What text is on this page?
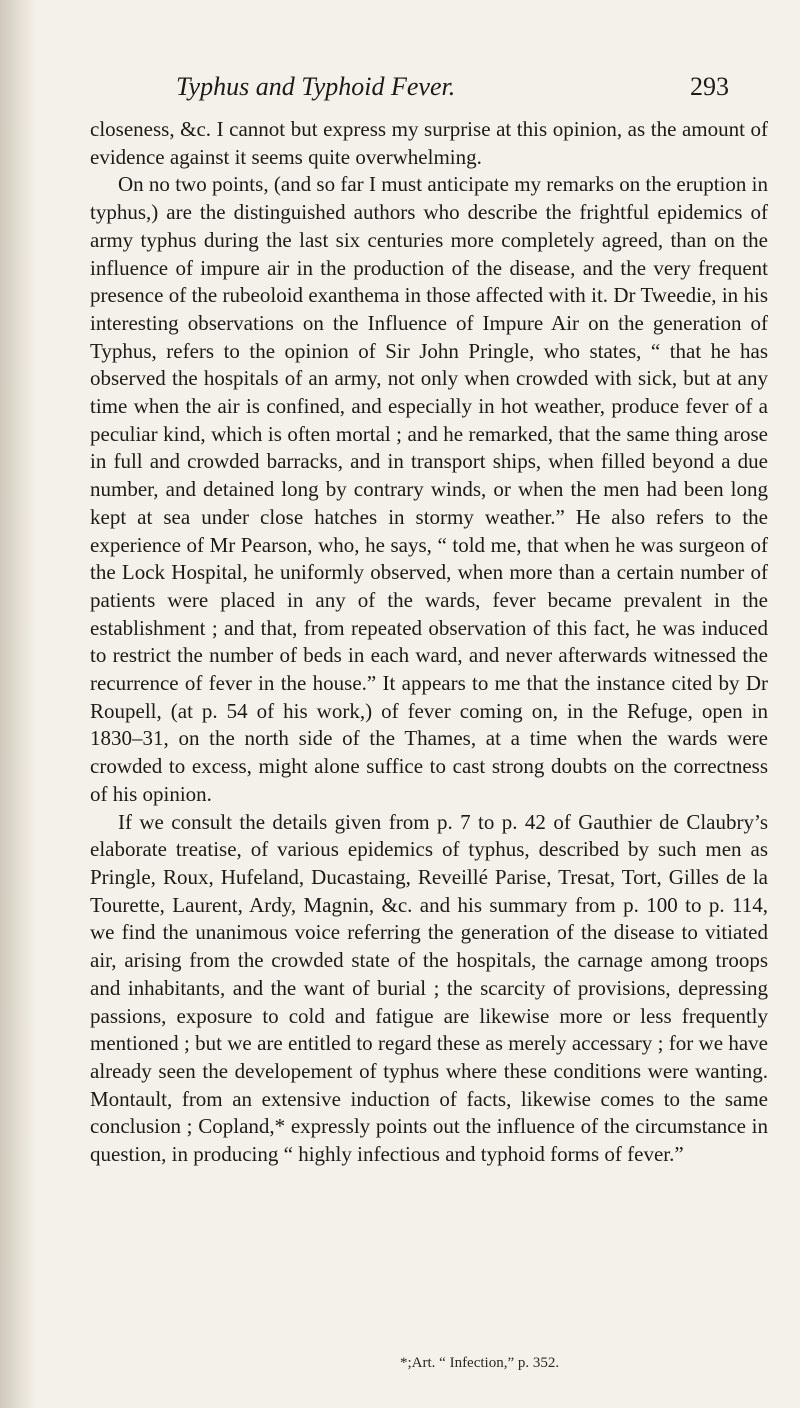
Typhus and Typhoid Fever.	293

closeness, &c. I cannot but express my surprise at this opinion, as the amount of evidence against it seems quite overwhelming.

On no two points, (and so far I must anticipate my remarks on the eruption in typhus,) are the distinguished authors who describe the frightful epidemics of army typhus during the last six centuries more completely agreed, than on the influence of impure air in the production of the disease, and the very frequent presence of the rubeoloid exanthema in those affected with it. Dr Tweedie, in his interesting observations on the Influence of Impure Air on the generation of Typhus, refers to the opinion of Sir John Pringle, who states, “ that he has observed the hospitals of an army, not only when crowded with sick, but at any time when the air is confined, and especially in hot weather, produce fever of a peculiar kind, which is often mortal ; and he remarked, that the same thing arose in full and crowded barracks, and in transport ships, when filled beyond a due number, and detained long by contrary winds, or when the men had been long kept at sea under close hatches in stormy weather.” He also refers to the experience of Mr Pearson, who, he says, “ told me, that when he was surgeon of the Lock Hospital, he uniformly observed, when more than a certain number of patients were placed in any of the wards, fever became prevalent in the establishment ; and that, from repeated observation of this fact, he was induced to restrict the number of beds in each ward, and never afterwards witnessed the recurrence of fever in the house.” It appears to me that the instance cited by Dr Roupell, (at p. 54 of his work,) of fever coming on, in the Refuge, open in 1830–31, on the north side of the Thames, at a time when the wards were crowded to excess, might alone suffice to cast strong doubts on the correctness of his opinion.

If we consult the details given from p. 7 to p. 42 of Gauthier de Claubry’s elaborate treatise, of various epidemics of typhus, described by such men as Pringle, Roux, Hufeland, Ducastaing, Reveillé Parise, Tresat, Tort, Gilles de la Tourette, Laurent, Ardy, Magnin, &c. and his summary from p. 100 to p. 114, we find the unanimous voice referring the generation of the disease to vitiated air, arising from the crowded state of the hospitals, the carnage among troops and inhabitants, and the want of burial ; the scarcity of provisions, depressing passions, exposure to cold and fatigue are likewise more or less frequently mentioned ; but we are entitled to regard these as merely accessary ; for we have already seen the developement of typhus where these conditions were wanting. Montault, from an extensive induction of facts, likewise comes to the same conclusion ; Copland,* expressly points out the influence of the circumstance in question, in producing “ highly infectious and typhoid forms of fever.”

*;Art. “ Infection,” p. 352.
